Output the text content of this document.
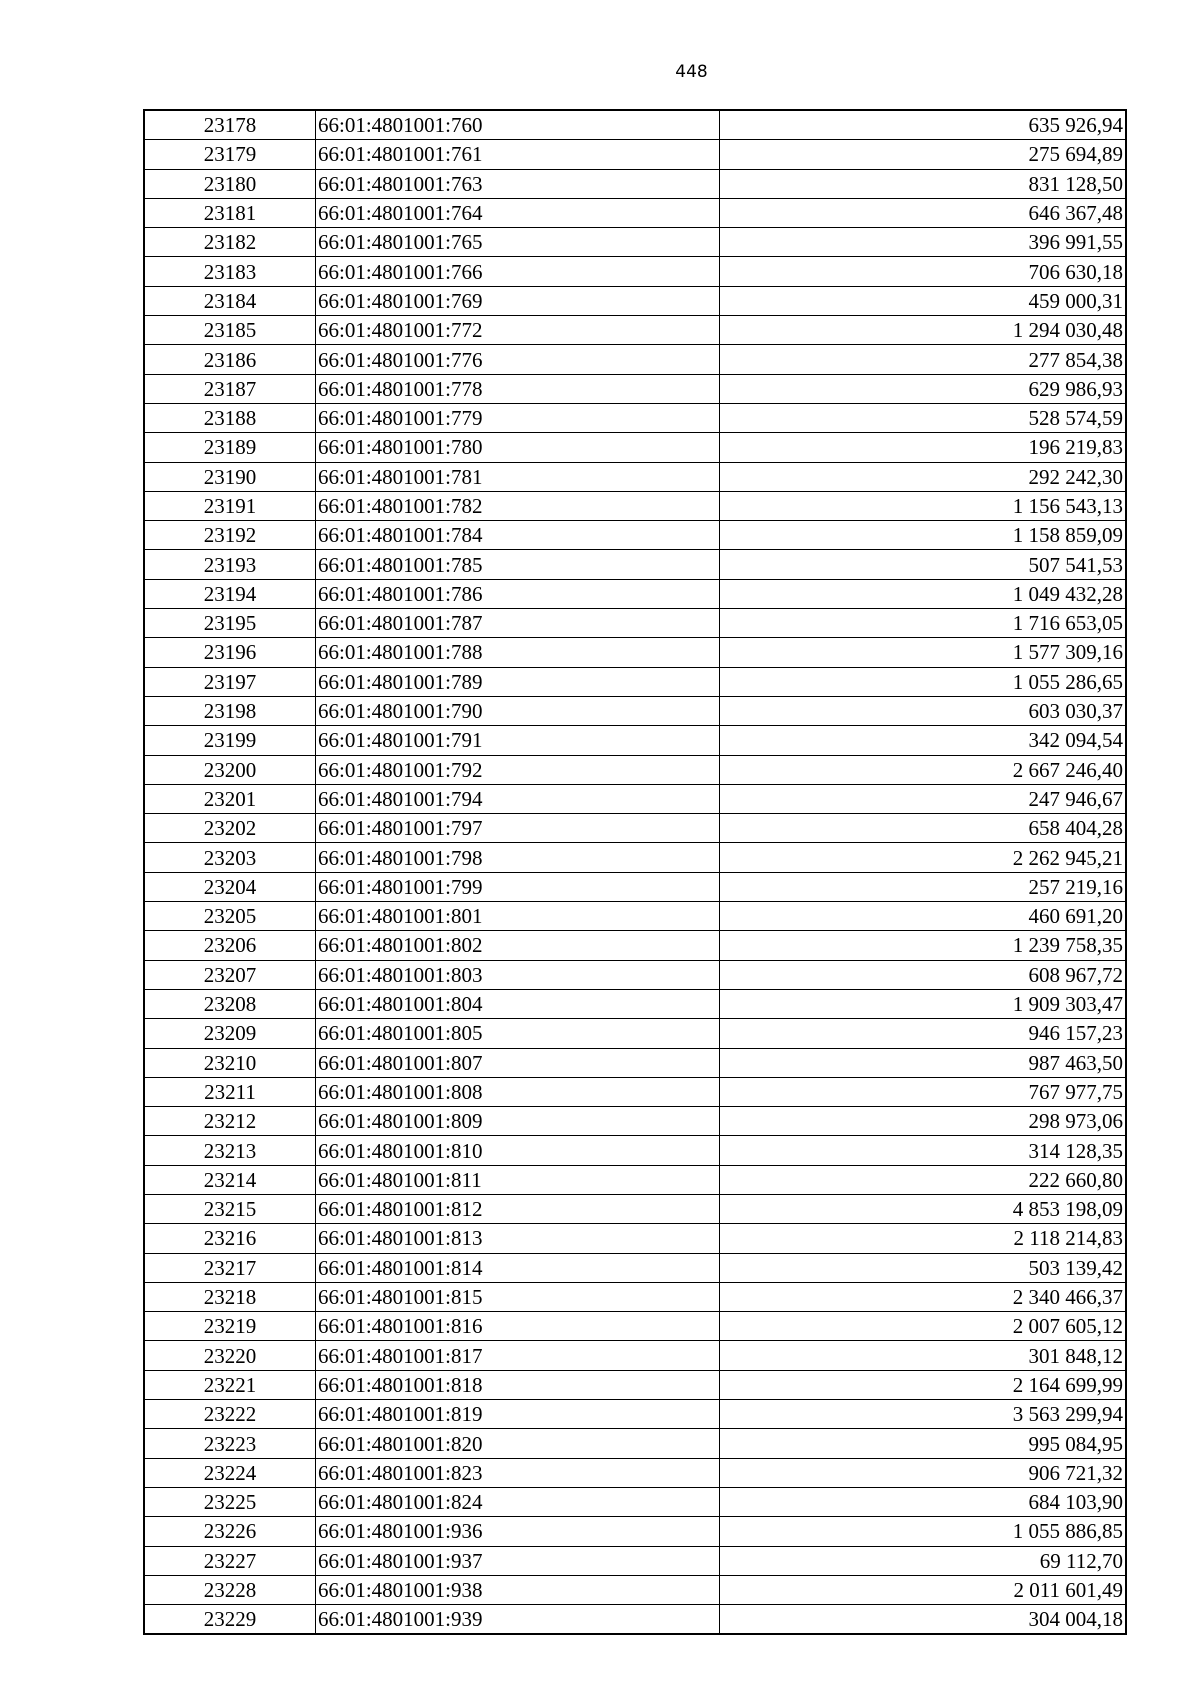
448
23178	66:01:4801001:760	635 926,94
23179	66:01:4801001:761	275 694,89
23180	66:01:4801001:763	831 128,50
23181	66:01:4801001:764	646 367,48
23182	66:01:4801001:765	396 991,55
23183	66:01:4801001:766	706 630,18
23184	66:01:4801001:769	459 000,31
23185	66:01:4801001:772	1 294 030,48
23186	66:01:4801001:776	277 854,38
23187	66:01:4801001:778	629 986,93
23188	66:01:4801001:779	528 574,59
23189	66:01:4801001:780	196 219,83
23190	66:01:4801001:781	292 242,30
23191	66:01:4801001:782	1 156 543,13
23192	66:01:4801001:784	1 158 859,09
23193	66:01:4801001:785	507 541,53
23194	66:01:4801001:786	1 049 432,28
23195	66:01:4801001:787	1 716 653,05
23196	66:01:4801001:788	1 577 309,16
23197	66:01:4801001:789	1 055 286,65
23198	66:01:4801001:790	603 030,37
23199	66:01:4801001:791	342 094,54
23200	66:01:4801001:792	2 667 246,40
23201	66:01:4801001:794	247 946,67
23202	66:01:4801001:797	658 404,28
23203	66:01:4801001:798	2 262 945,21
23204	66:01:4801001:799	257 219,16
23205	66:01:4801001:801	460 691,20
23206	66:01:4801001:802	1 239 758,35
23207	66:01:4801001:803	608 967,72
23208	66:01:4801001:804	1 909 303,47
23209	66:01:4801001:805	946 157,23
23210	66:01:4801001:807	987 463,50
23211	66:01:4801001:808	767 977,75
23212	66:01:4801001:809	298 973,06
23213	66:01:4801001:810	314 128,35
23214	66:01:4801001:811	222 660,80
23215	66:01:4801001:812	4 853 198,09
23216	66:01:4801001:813	2 118 214,83
23217	66:01:4801001:814	503 139,42
23218	66:01:4801001:815	2 340 466,37
23219	66:01:4801001:816	2 007 605,12
23220	66:01:4801001:817	301 848,12
23221	66:01:4801001:818	2 164 699,99
23222	66:01:4801001:819	3 563 299,94
23223	66:01:4801001:820	995 084,95
23224	66:01:4801001:823	906 721,32
23225	66:01:4801001:824	684 103,90
23226	66:01:4801001:936	1 055 886,85
23227	66:01:4801001:937	69 112,70
23228	66:01:4801001:938	2 011 601,49
23229	66:01:4801001:939	304 004,18
